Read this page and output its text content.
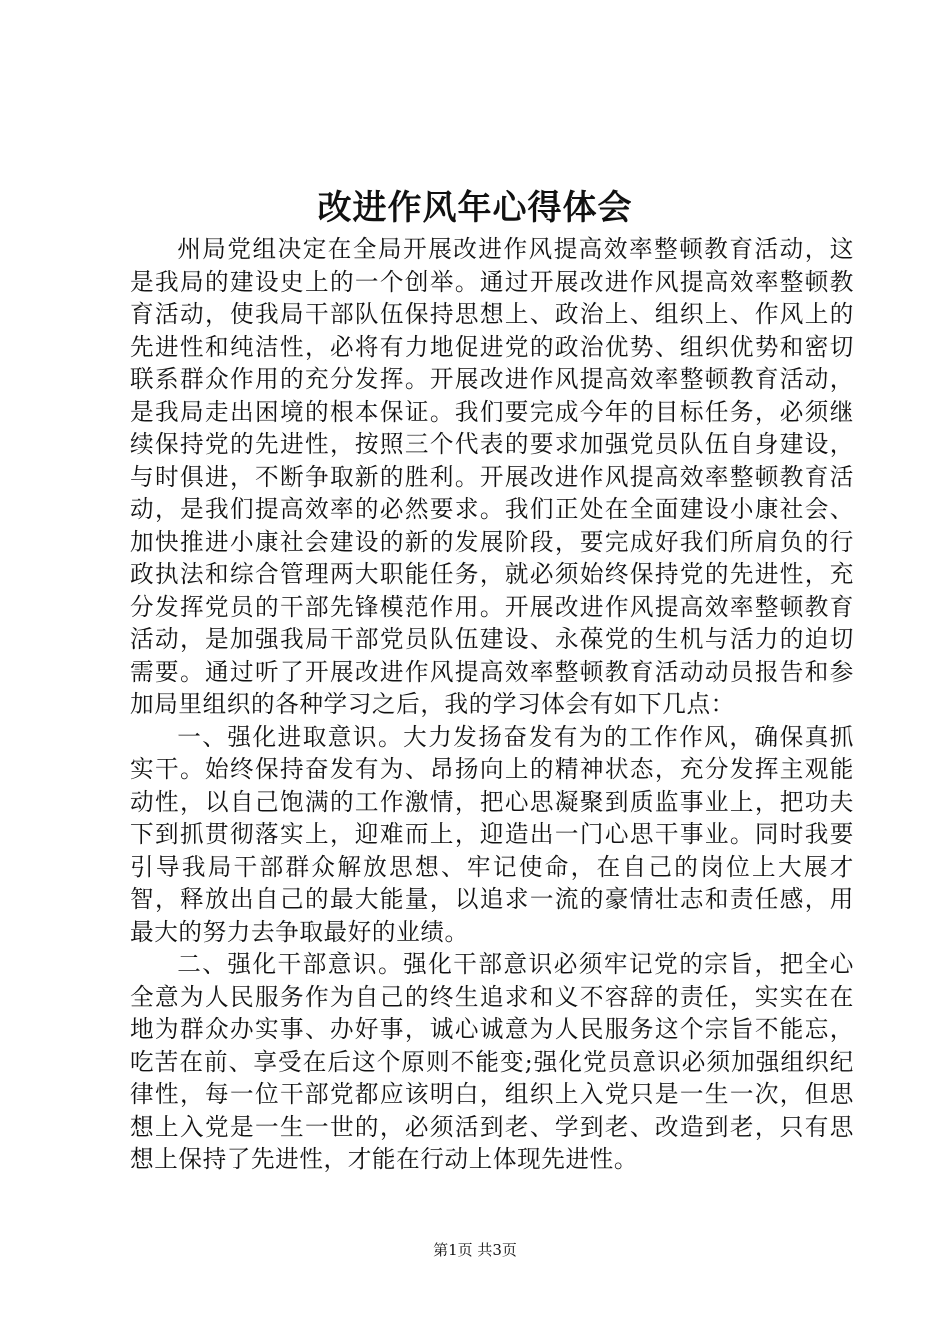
改进作风年心得体会

州局党组决定在全局开展改进作风提高效率整顿教育活动，这是我局的建设史上的一个创举。通过开展改进作风提高效率整顿教育活动，使我局干部队伍保持思想上、政治上、组织上、作风上的先进性和纯洁性，必将有力地促进党的政治优势、组织优势和密切联系群众作用的充分发挥。开展改进作风提高效率整顿教育活动，是我局走出困境的根本保证。我们要完成今年的目标任务，必须继续保持党的先进性，按照三个代表的要求加强党员队伍自身建设，与时俱进，不断争取新的胜利。开展改进作风提高效率整顿教育活动，是我们提高效率的必然要求。我们正处在全面建设小康社会、加快推进小康社会建设的新的发展阶段，要完成好我们所肩负的行政执法和综合管理两大职能任务，就必须始终保持党的先进性，充分发挥党员的干部先锋模范作用。开展改进作风提高效率整顿教育活动，是加强我局干部党员队伍建设、永葆党的生机与活力的迫切需要。通过听了开展改进作风提高效率整顿教育活动动员报告和参加局里组织的各种学习之后，我的学习体会有如下几点：

一、强化进取意识。大力发扬奋发有为的工作作风，确保真抓实干。始终保持奋发有为、昂扬向上的精神状态，充分发挥主观能动性，以自己饱满的工作激情，把心思凝聚到质监事业上，把功夫下到抓贯彻落实上，迎难而上，迎造出一门心思干事业。同时我要引导我局干部群众解放思想、牢记使命，在自己的岗位上大展才智，释放出自己的最大能量，以追求一流的豪情壮志和责任感，用最大的努力去争取最好的业绩。

二、强化干部意识。强化干部意识必须牢记党的宗旨，把全心全意为人民服务作为自己的终生追求和义不容辞的责任，实实在在地为群众办实事、办好事，诚心诚意为人民服务这个宗旨不能忘，吃苦在前、享受在后这个原则不能变;强化党员意识必须加强组织纪律性，每一位干部党都应该明白，组织上入党只是一生一次，但思想上入党是一生一世的，必须活到老、学到老、改造到老，只有思想上保持了先进性，才能在行动上体现先进性。

第1页 共3页
